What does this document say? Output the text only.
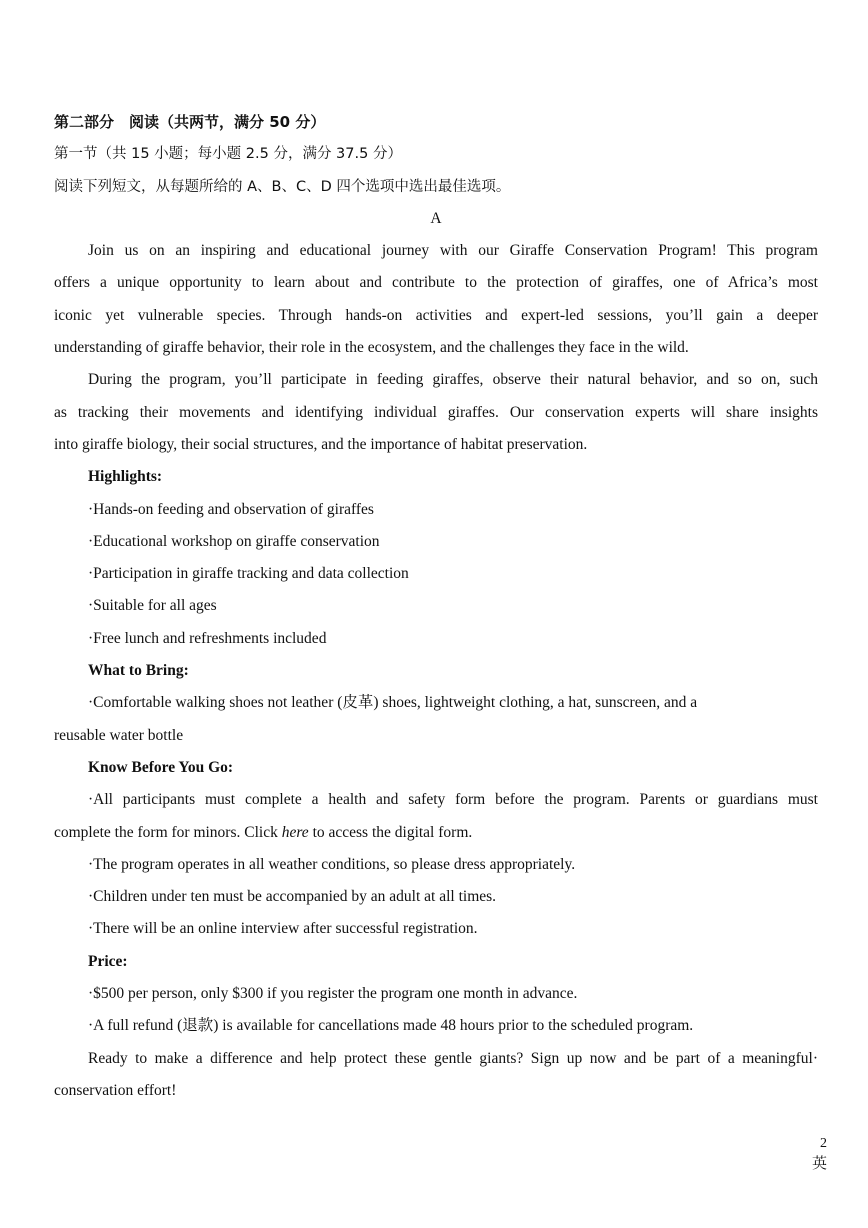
第二部分　阅读（共两节，满分 50 分）
第一节（共 15 小题；每小题 2.5 分，满分 37.5 分）
阅读下列短文，从每题所给的 A、B、C、D 四个选项中选出最佳选项。
A
Join us on an inspiring and educational journey with our Giraffe Conservation Program! This program
offers a unique opportunity to learn about and contribute to the protection of giraffes, one of Africa’s most
iconic yet vulnerable species. Through hands-on activities and expert-led sessions, you’ll gain a deeper
understanding of giraffe behavior, their role in the ecosystem, and the challenges they face in the wild.
During the program, you’ll participate in feeding giraffes, observe their natural behavior, and so on, such
as tracking their movements and identifying individual giraffes. Our conservation experts will share insights
into giraffe biology, their social structures, and the importance of habitat preservation.
Highlights:
·Hands-on feeding and observation of giraffes
·Educational workshop on giraffe conservation
·Participation in giraffe tracking and data collection
·Suitable for all ages
·Free lunch and refreshments included
What to Bring:
·Comfortable walking shoes not leather (皮革) shoes, lightweight clothing, a hat, sunscreen, and a
reusable water bottle
Know Before You Go:
·All participants must complete a health and safety form before the program. Parents or guardians must
complete the form for minors. Click here to access the digital form.
·The program operates in all weather conditions, so please dress appropriately.
·Children under ten must be accompanied by an adult at all times.
·There will be an online interview after successful registration.
Price:
·$500 per person, only $300 if you register the program one month in advance.
·A full refund (退款) is available for cancellations made 48 hours prior to the scheduled program.
Ready to make a difference and help protect these gentle giants? Sign up now and be part of a meaningful·
conservation effort!
2
英
